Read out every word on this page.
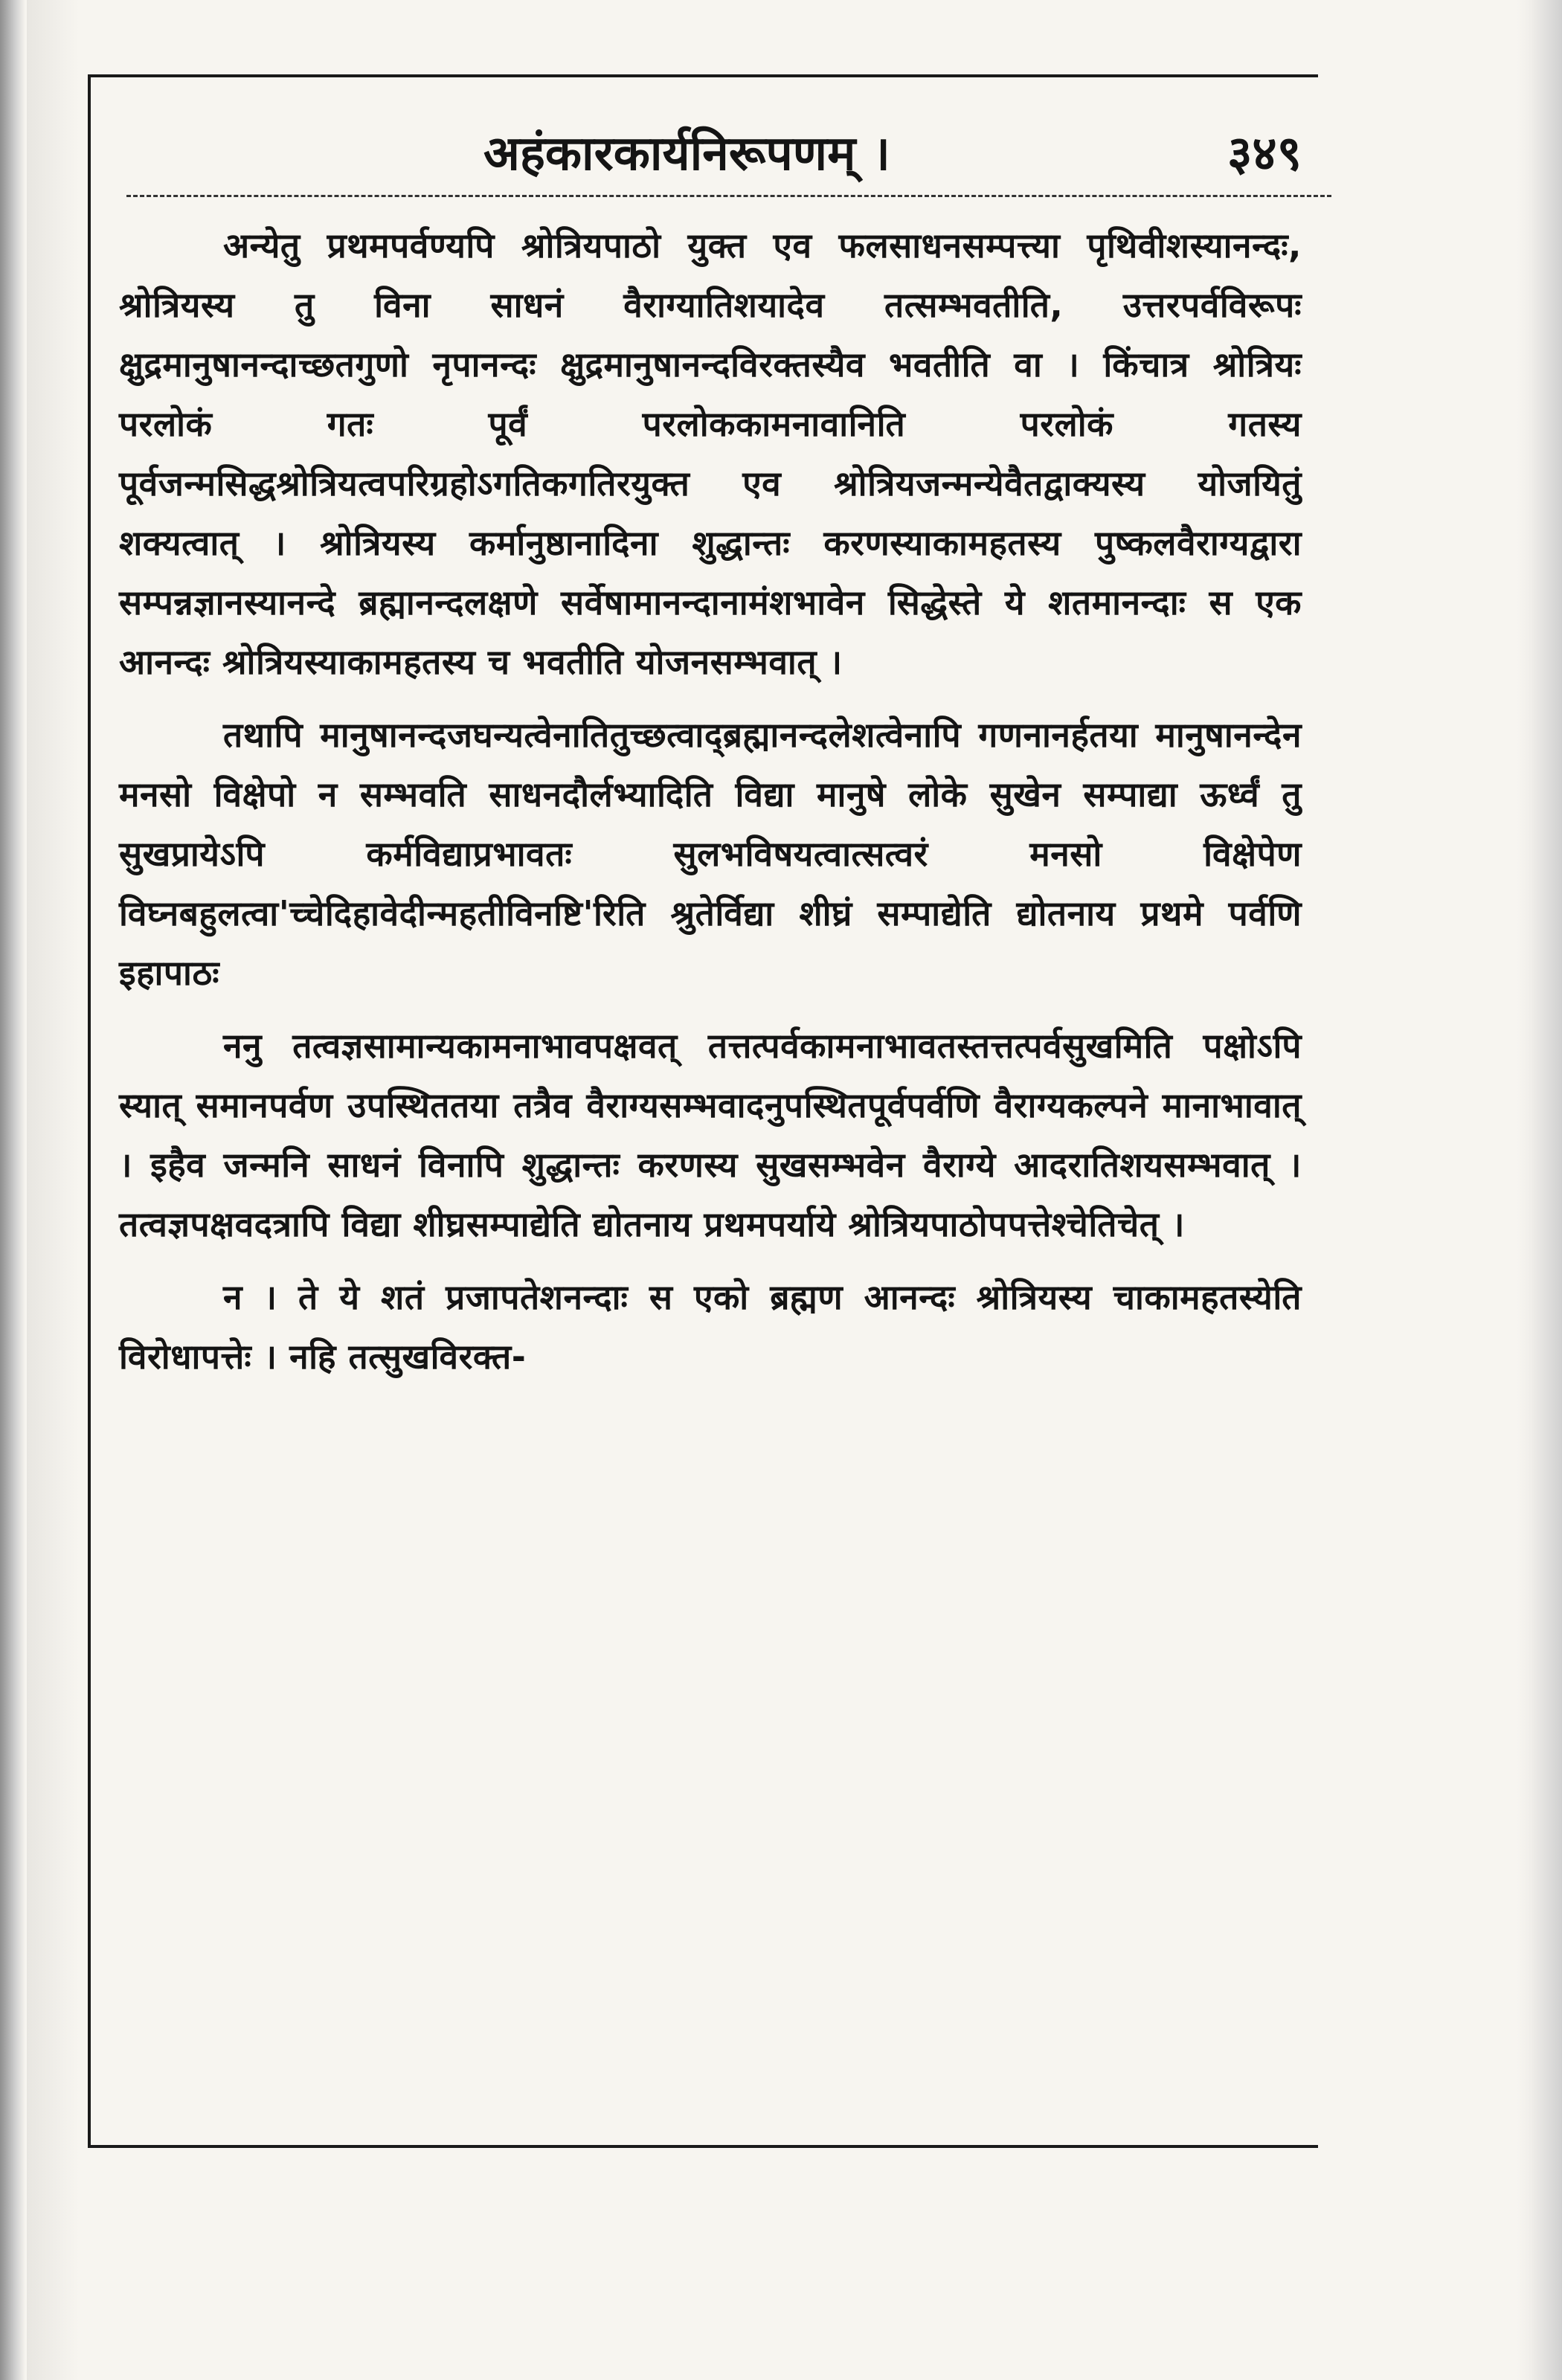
अहंकारकार्यनिरूपणम् ।	३४९

अन्येतु प्रथमपर्वण्यपि श्रोत्रियपाठो युक्त एव फलसाधनसम्पत्त्या पृथिवीशस्यानन्दः, श्रोत्रियस्य तु विना साधनं वैराग्यातिशयादेव तत्सम्भवतीति, उत्तरपर्वविरूपः क्षुद्रमानुषानन्दाच्छतगुणो नृपानन्दः क्षुद्रमानुषानन्दविरक्तस्यैव भवतीति वा । किंचात्र श्रोत्रियः परलोकं गतः पूर्वं परलोककामनावानिति परलोकं गतस्य पूर्वजन्मसिद्धश्रोत्रियत्वपरिग्रहोऽगतिकगतिरयुक्त एव श्रोत्रियजन्मन्येवैतद्वाक्यस्य योजयितुं शक्यत्वात् । श्रोत्रियस्य कर्मानुष्ठानादिना शुद्धान्तः करणस्याकामहतस्य पुष्कलवैराग्यद्वारा सम्पन्नज्ञानस्यानन्दे ब्रह्मानन्दलक्षणे सर्वेषामानन्दानामंशभावेन सिद्धेस्ते ये शतमानन्दाः स एक आनन्दः श्रोत्रियस्याकामहतस्य च भवतीति योजनसम्भवात् ।

तथापि मानुषानन्दजघन्यत्वेनातितुच्छत्वाद्ब्रह्मानन्दलेशत्वेनापि गणनानर्हतया मानुषानन्देन मनसो विक्षेपो न सम्भवति साधनदौर्लभ्यादिति विद्या मानुषे लोके सुखेन सम्पाद्या ऊर्ध्वं तु सुखप्रायेऽपि कर्मविद्याप्रभावतः सुलभविषयत्वात्सत्वरं मनसो विक्षेपेण विघ्नबहुलत्वा'च्चेदिहावेदीन्महतीविनष्टि'रिति श्रुतेर्विद्या शीघ्रं सम्पाद्येति द्योतनाय प्रथमे पर्वणि इहापाठः

ननु तत्वज्ञसामान्यकामनाभावपक्षवत् तत्तत्पर्वकामनाभावतस्तत्तत्पर्वसुखमिति पक्षोऽपि स्यात् समानपर्वण उपस्थिततया तत्रैव वैराग्यसम्भवादनुपस्थितपूर्वपर्वणि वैराग्यकल्पने मानाभावात् । इहैव जन्मनि साधनं विनापि शुद्धान्तः करणस्य सुखसम्भवेन वैराग्ये आदरातिशयसम्भवात् । तत्वज्ञपक्षवदत्रापि विद्या शीघ्रसम्पाद्येति द्योतनाय प्रथमपर्याये श्रोत्रियपाठोपपत्तेश्चेतिचेत् ।

न । ते ये शतं प्रजापतेशनन्दाः स एको ब्रह्मण आनन्दः श्रोत्रियस्य चाकामहतस्येति विरोधापत्तेः । नहि तत्सुखविरक्त-
